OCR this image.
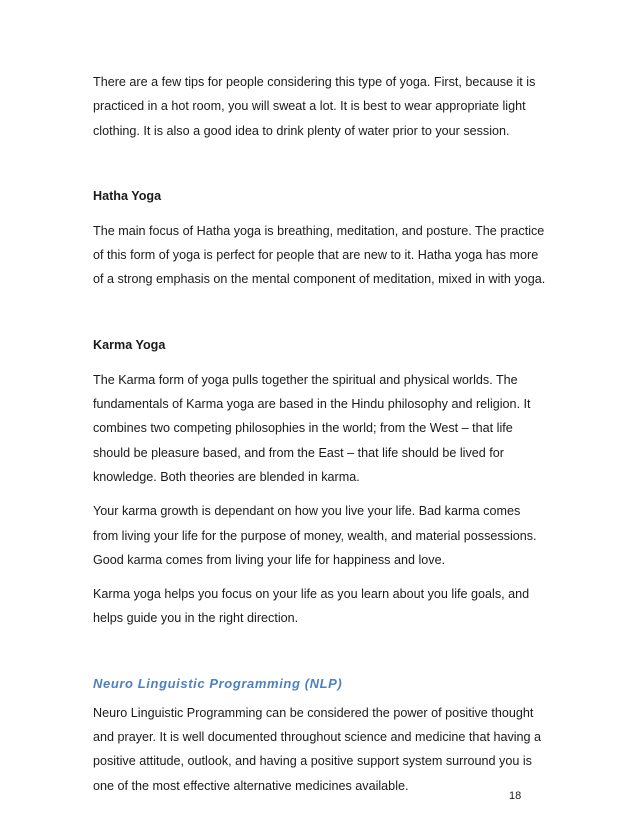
There are a few tips for people considering this type of yoga. First, because it is

practiced in a hot room, you will sweat a lot. It is best to wear appropriate light

clothing. It is also a good idea to drink plenty of water prior to your session.

Hatha Yoga

The main focus of Hatha yoga is breathing, meditation, and posture. The practice

of this form of yoga is perfect for people that are new to it. Hatha yoga has more

of a strong emphasis on the mental component of meditation, mixed in with yoga.

Karma Yoga

The Karma form of yoga pulls together the spiritual and physical worlds. The

fundamentals of Karma yoga are based in the Hindu philosophy and religion. It

combines two competing philosophies in the world; from the West – that life

should be pleasure based, and from the East – that life should be lived for

knowledge. Both theories are blended in karma.

Your karma growth is dependant on how you live your life. Bad karma comes

from living your life for the purpose of money, wealth, and material possessions.

Good karma comes from living your life for happiness and love.

Karma yoga helps you focus on your life as you learn about you life goals, and

helps guide you in the right direction.

Neuro Linguistic Programming (NLP)

Neuro Linguistic Programming can be considered the power of positive thought

and prayer. It is well documented throughout science and medicine that having a

positive attitude, outlook, and having a positive support system surround you is

one of the most effective alternative medicines available.

18
